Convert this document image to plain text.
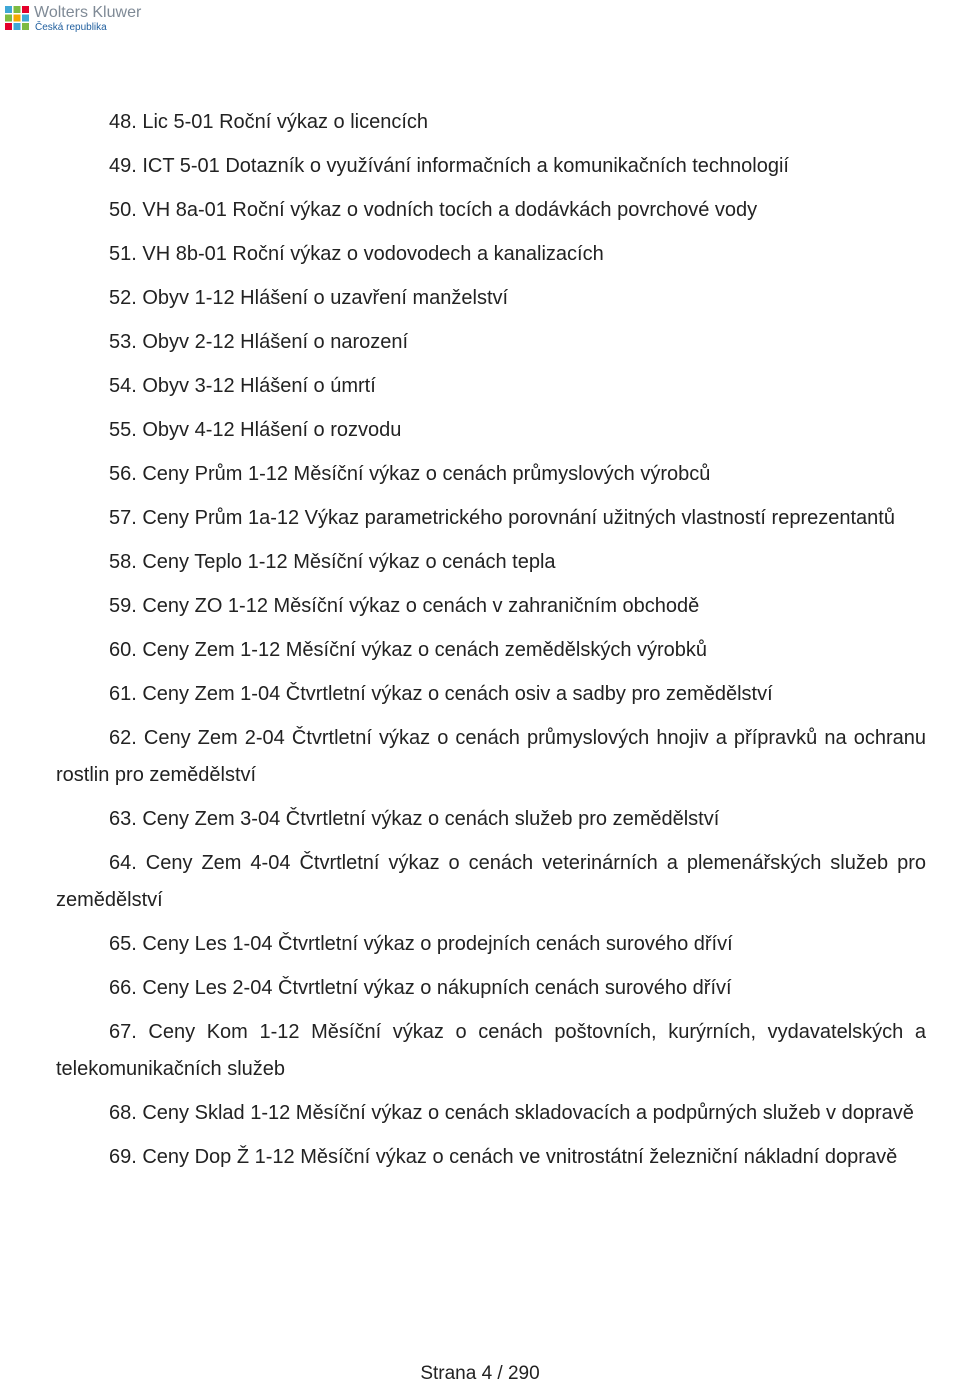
Wolters Kluwer
Česká republika

48. Lic 5-01 Roční výkaz o licencích

49. ICT 5-01 Dotazník o využívání informačních a komunikačních technologií

50. VH 8a-01 Roční výkaz o vodních tocích a dodávkách povrchové vody

51. VH 8b-01 Roční výkaz o vodovodech a kanalizacích

52. Obyv 1-12 Hlášení o uzavření manželství

53. Obyv 2-12 Hlášení o narození

54. Obyv 3-12 Hlášení o úmrtí

55. Obyv 4-12 Hlášení o rozvodu

56. Ceny Prům 1-12 Měsíční výkaz o cenách průmyslových výrobců

57. Ceny Prům 1a-12 Výkaz parametrického porovnání užitných vlastností reprezentantů

58. Ceny Teplo 1-12 Měsíční výkaz o cenách tepla

59. Ceny ZO 1-12 Měsíční výkaz o cenách v zahraničním obchodě

60. Ceny Zem 1-12 Měsíční výkaz o cenách zemědělských výrobků

61. Ceny Zem 1-04 Čtvrtletní výkaz o cenách osiv a sadby pro zemědělství

62. Ceny Zem 2-04 Čtvrtletní výkaz o cenách průmyslových hnojiv a přípravků na ochranu rostlin pro zemědělství

63. Ceny Zem 3-04 Čtvrtletní výkaz o cenách služeb pro zemědělství

64. Ceny Zem 4-04 Čtvrtletní výkaz o cenách veterinárních a plemenářských služeb pro zemědělství

65. Ceny Les 1-04 Čtvrtletní výkaz o prodejních cenách surového dříví

66. Ceny Les 2-04 Čtvrtletní výkaz o nákupních cenách surového dříví

67. Ceny Kom 1-12 Měsíční výkaz o cenách poštovních, kurýrních, vydavatelských a telekomunikačních služeb

68. Ceny Sklad 1-12 Měsíční výkaz o cenách skladovacích a podpůrných služeb v dopravě

69. Ceny Dop Ž 1-12 Měsíční výkaz o cenách ve vnitrostátní železniční nákladní dopravě

Strana 4 / 290
